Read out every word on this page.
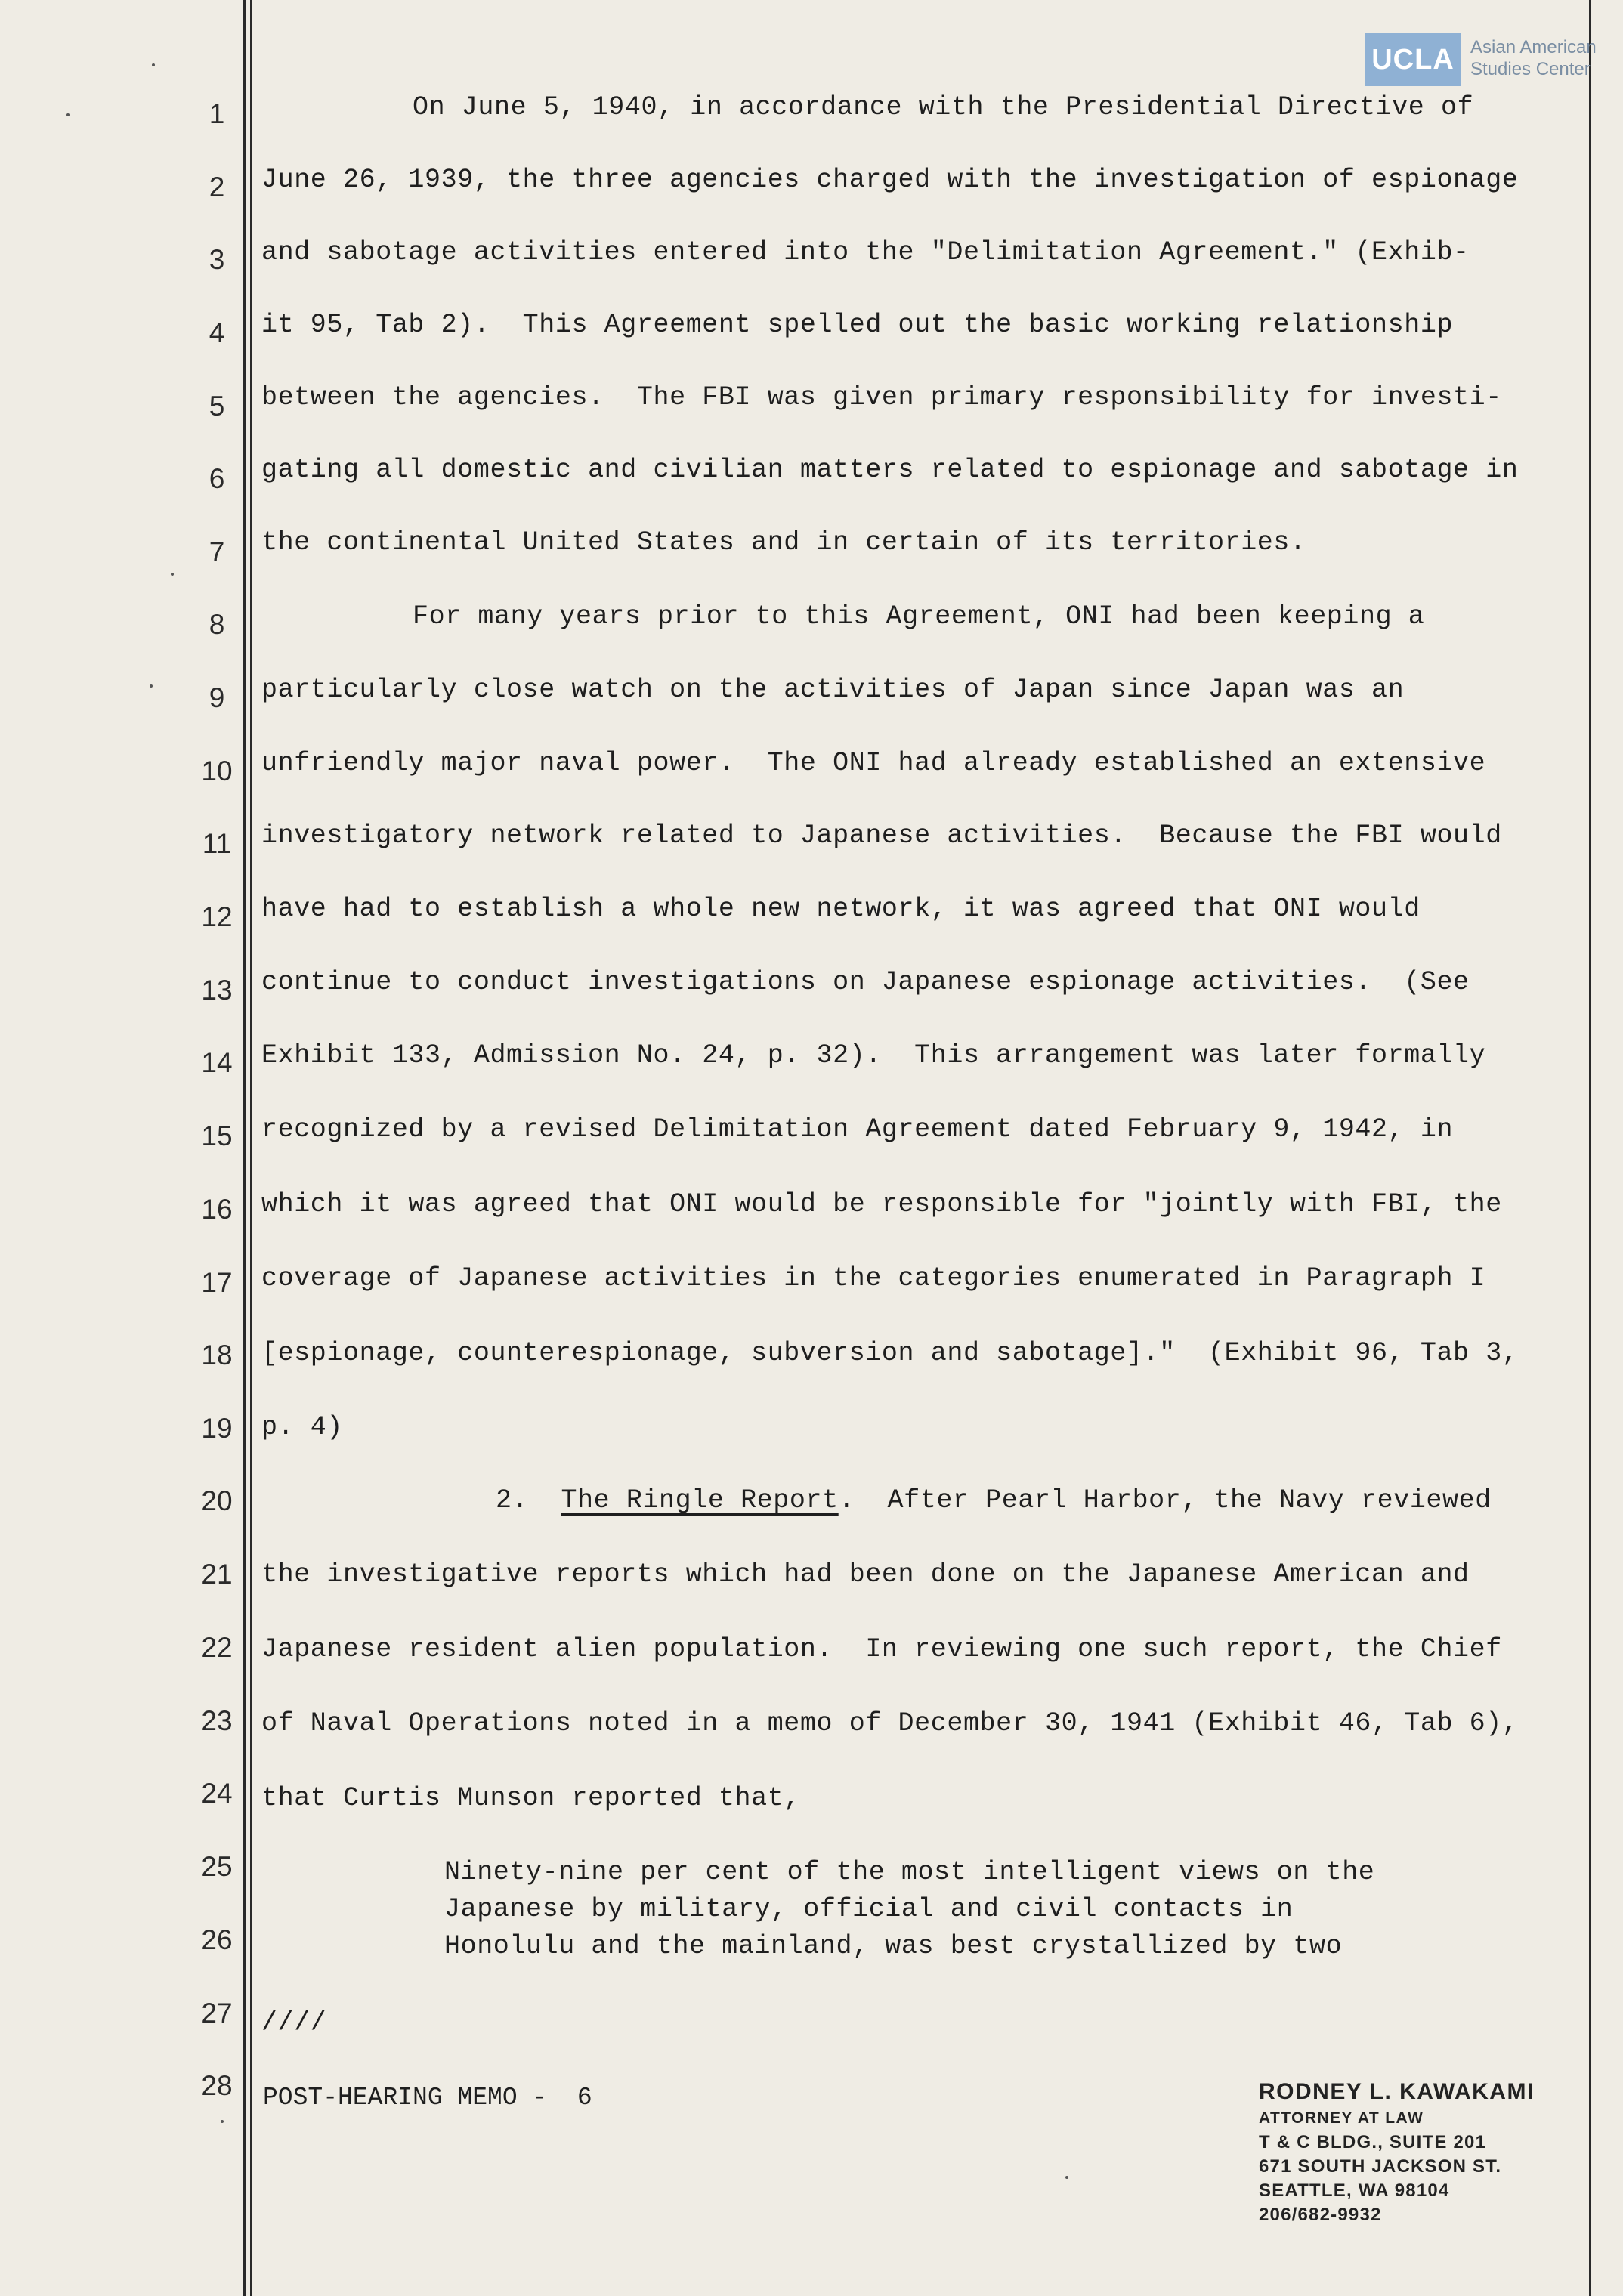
UCLA Asian American
Studies Center
1
2
3
4
5
6
7
8
9
10
11
12
13
14
15
16
17
18
19
20
21
22
23
24
25
26
27
28
On June 5, 1940, in accordance with the Presidential Directive of
June 26, 1939, the three agencies charged with the investigation of espionage
and sabotage activities entered into the "Delimitation Agreement." (Exhib-
it 95, Tab 2).  This Agreement spelled out the basic working relationship
between the agencies.  The FBI was given primary responsibility for investi-
gating all domestic and civilian matters related to espionage and sabotage in
the continental United States and in certain of its territories.
For many years prior to this Agreement, ONI had been keeping a
particularly close watch on the activities of Japan since Japan was an
unfriendly major naval power.  The ONI had already established an extensive
investigatory network related to Japanese activities.  Because the FBI would
have had to establish a whole new network, it was agreed that ONI would
continue to conduct investigations on Japanese espionage activities.  (See
Exhibit 133, Admission No. 24, p. 32).  This arrangement was later formally
recognized by a revised Delimitation Agreement dated February 9, 1942, in
which it was agreed that ONI would be responsible for "jointly with FBI, the
coverage of Japanese activities in the categories enumerated in Paragraph I
[espionage, counterespionage, subversion and sabotage]."  (Exhibit 96, Tab 3,
p. 4)
2. The Ringle Report.  After Pearl Harbor, the Navy reviewed
the investigative reports which had been done on the Japanese American and
Japanese resident alien population.  In reviewing one such report, the Chief
of Naval Operations noted in a memo of December 30, 1941 (Exhibit 46, Tab 6),
that Curtis Munson reported that,
Ninety-nine per cent of the most intelligent views on the
Japanese by military, official and civil contacts in
Honolulu and the mainland, was best crystallized by two
////
POST-HEARING MEMO -  6	RODNEY L. KAWAKAMI
ATTORNEY AT LAW
T & C BLDG., SUITE 201
671 SOUTH JACKSON ST.
SEATTLE, WA 98104
206/682-9932
